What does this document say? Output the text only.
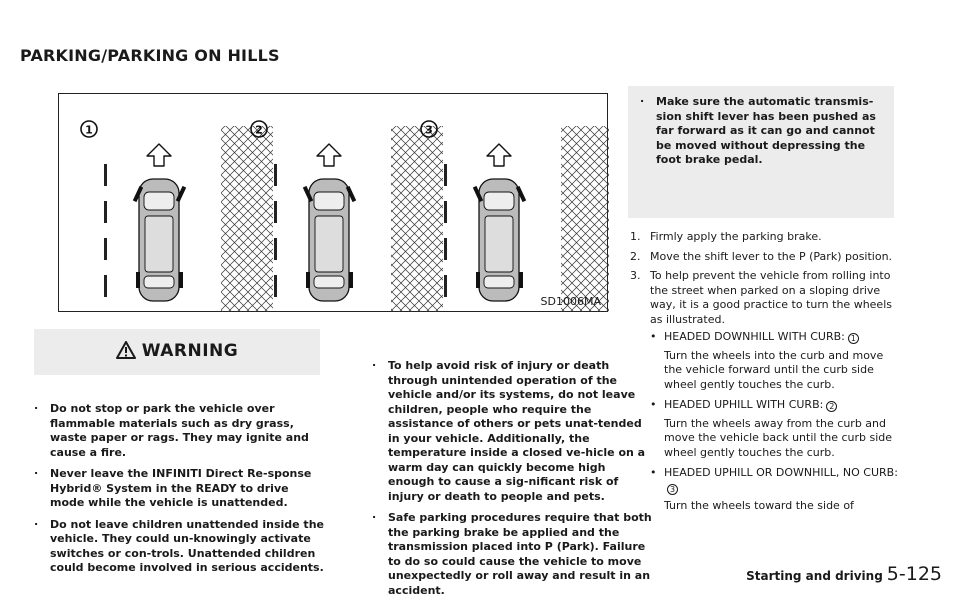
PARKING/PARKING ON HILLS
1	2	3
SD1006MA
WARNING
. Do not stop or park the vehicle over flammable materials such as dry grass, waste paper or rags. They may ignite and cause a fire.
. Never leave the INFINITI Direct Re-sponse Hybrid® System in the READY to drive mode while the vehicle is unattended.
. Do not leave children unattended inside the vehicle. They could un-knowingly activate switches or con-trols. Unattended children could become involved in serious accidents.
. To help avoid risk of injury or death through unintended operation of the vehicle and/or its systems, do not leave children, people who require the assistance of others or pets unat-tended in your vehicle. Additionally, the temperature inside a closed ve-hicle on a warm day can quickly become high enough to cause a sig-nificant risk of injury or death to people and pets.
. Safe parking procedures require that both the parking brake be applied and the transmission placed into P (Park). Failure to do so could cause the vehicle to move unexpectedly or roll away and result in an accident.
. Make sure the automatic transmis-sion shift lever has been pushed as far forward as it can go and cannot be moved without depressing the foot brake pedal.
1. Firmly apply the parking brake.
2. Move the shift lever to the P (Park) position.
3. To help prevent the vehicle from rolling into the street when parked on a sloping drive way, it is a good practice to turn the wheels as illustrated.
• HEADED DOWNHILL WITH CURB: 1
Turn the wheels into the curb and move the vehicle forward until the curb side wheel gently touches the curb.
• HEADED UPHILL WITH CURB: 2
Turn the wheels away from the curb and move the vehicle back until the curb side wheel gently touches the curb.
• HEADED UPHILL OR DOWNHILL, NO CURB:3
Turn the wheels toward the side of
Starting and driving 5-125
